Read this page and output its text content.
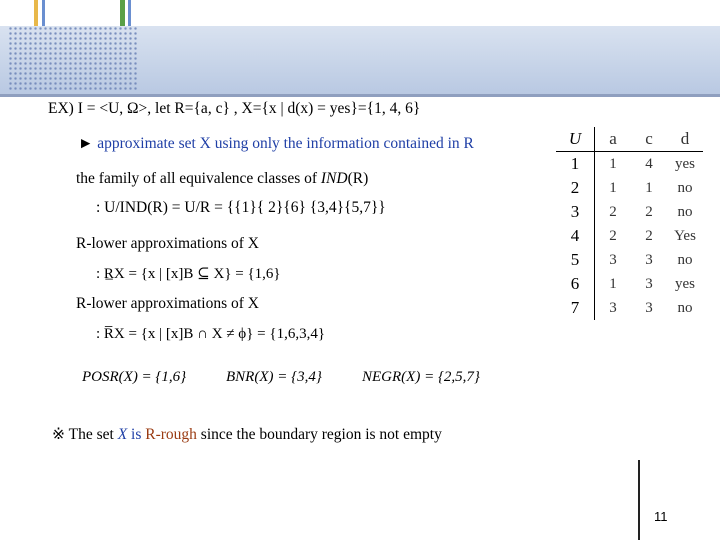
EX) I = <U, Ω>, let R={a, c} , X={x | d(x) = yes}={1, 4, 6}
► approximate set X using only the information contained in R
the family of all equivalence classes of IND(R)
: U/IND(R) = U/R = {{1}{ 2}{6} {3,4}{5,7}}
R-lower approximations of X
: R̲X = {x | [x]B ⊆ X} = {1,6}
R-lower approximations of X
: R̅X = {x | [x]B ∩ X ≠ ϕ} = {1,6,3,4}
POSR(X) = {1,6}	BNR(X) = {3,4}	NEGR(X) = {2,5,7}
※ The set X is R-rough since the boundary region is not empty
U	a	c	d
1	1	4	yes
2	1	1	no
3	2	2	no
4	2	2	Yes
5	3	3	no
6	1	3	yes
7	3	3	no
11
